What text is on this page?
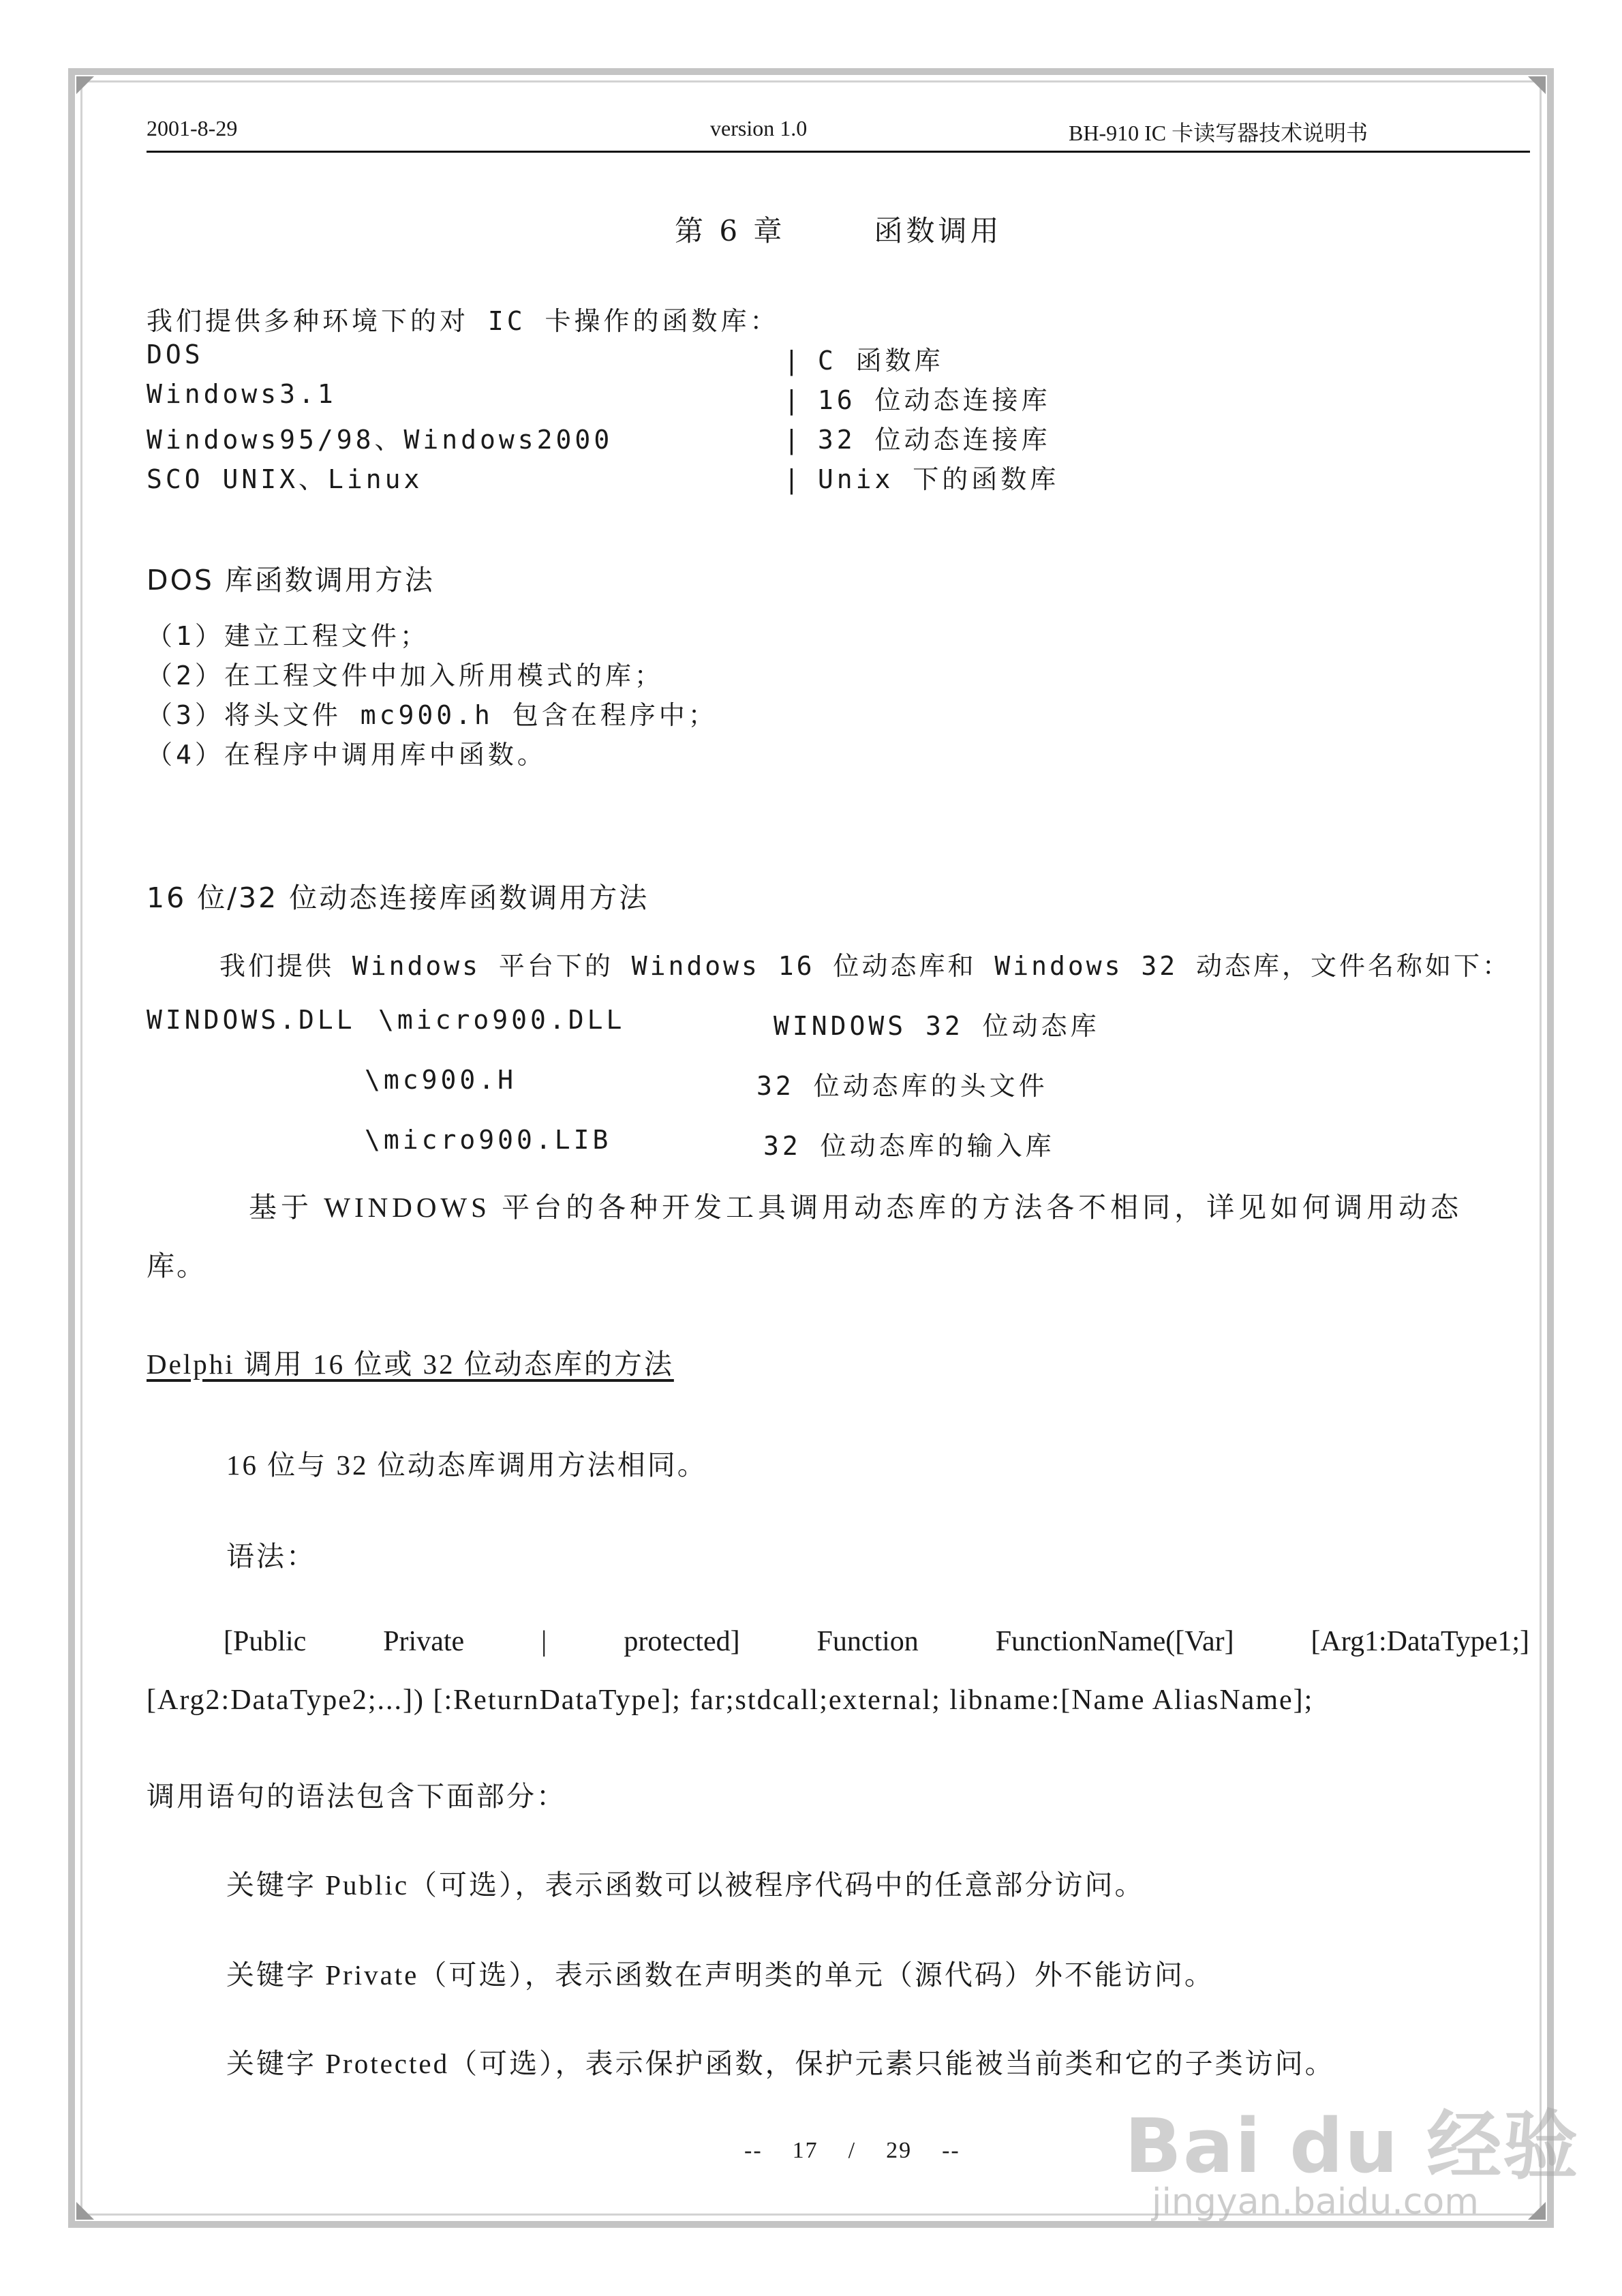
2001-8-29	version 1.0	BH-910 IC 卡读写器技术说明书
第 6 章	函数调用
我们提供多种环境下的对 IC 卡操作的函数库：
DOS	| C 函数库
Windows3.1	| 16 位动态连接库
Windows95/98、Windows2000	| 32 位动态连接库
SCO UNIX、Linux	| Unix 下的函数库
DOS 库函数调用方法
（1）建立工程文件；
（2）在工程文件中加入所用模式的库；
（3）将头文件 mc900.h 包含在程序中；
（4）在程序中调用库中函数。
16 位/32 位动态连接库函数调用方法
我们提供 Windows 平台下的 Windows 16 位动态库和 Windows 32 动态库，文件名称如下：
WINDOWS.DLL \micro900.DLL	WINDOWS 32 位动态库
\mc900.H	32 位动态库的头文件
\micro900.LIB	32 位动态库的输入库
基于 WINDOWS 平台的各种开发工具调用动态库的方法各不相同，详见如何调用动态
库。
Delphi 调用 16 位或 32 位动态库的方法
16 位与 32 位动态库调用方法相同。
语法：
[Public	Private	|	protected]	Function	FunctionName([Var]	[Arg1:DataType1;]
[Arg2:DataType2;...]) [:ReturnDataType]; far;stdcall;external; libname:[Name AliasName];
调用语句的语法包含下面部分：
关键字 Public（可选），表示函数可以被程序代码中的任意部分访问。
关键字 Private（可选），表示函数在声明类的单元（源代码）外不能访问。
关键字 Protected（可选），表示保护函数，保护元素只能被当前类和它的子类访问。
-- 17 / 29 -- Bai du 经验
jingyan.baidu.com
